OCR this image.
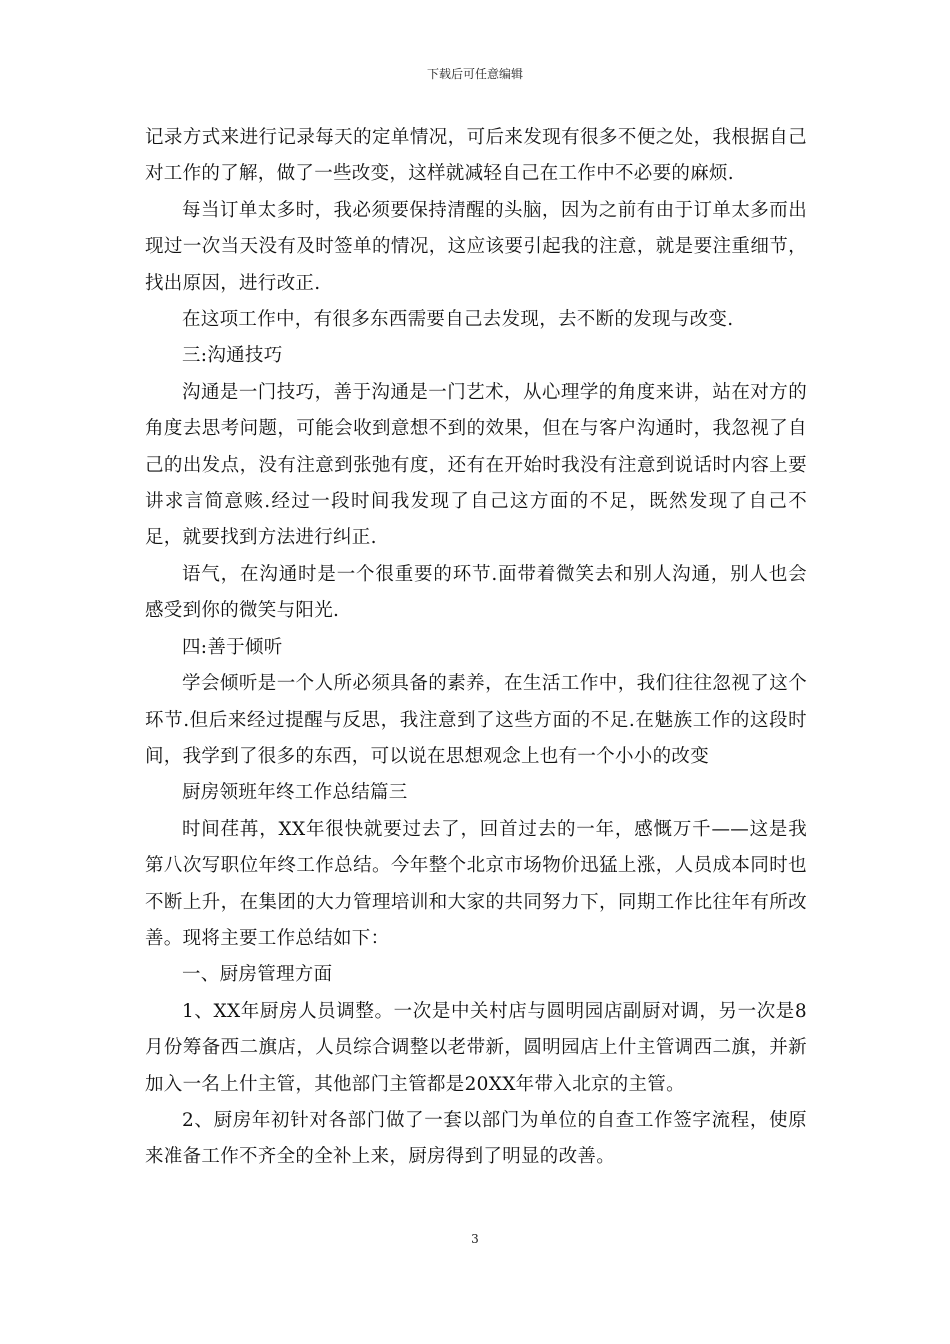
下载后可任意编辑

记录方式来进行记录每天的定单情况，可后来发现有很多不便之处，我根据自己对工作的了解，做了一些改变，这样就减轻自己在工作中不必要的麻烦.

每当订单太多时，我必须要保持清醒的头脑，因为之前有由于订单太多而出现过一次当天没有及时签单的情况，这应该要引起我的注意，就是要注重细节，找出原因，进行改正.

在这项工作中，有很多东西需要自己去发现，去不断的发现与改变.

三:沟通技巧

沟通是一门技巧，善于沟通是一门艺术，从心理学的角度来讲，站在对方的角度去思考问题，可能会收到意想不到的效果，但在与客户沟通时，我忽视了自己的出发点，没有注意到张弛有度，还有在开始时我没有注意到说话时内容上要讲求言简意赅.经过一段时间我发现了自己这方面的不足，既然发现了自己不足，就要找到方法进行纠正.

语气，在沟通时是一个很重要的环节.面带着微笑去和别人沟通，别人也会感受到你的微笑与阳光.

四:善于倾听

学会倾听是一个人所必须具备的素养，在生活工作中，我们往往忽视了这个环节.但后来经过提醒与反思，我注意到了这些方面的不足.在魅族工作的这段时间，我学到了很多的东西，可以说在思想观念上也有一个小小的改变

厨房领班年终工作总结篇三

时间荏苒，XX年很快就要过去了，回首过去的一年，感慨万千——这是我第八次写职位年终工作总结。今年整个北京市场物价迅猛上涨，人员成本同时也不断上升，在集团的大力管理培训和大家的共同努力下，同期工作比往年有所改善。现将主要工作总结如下：

一、厨房管理方面

1、XX年厨房人员调整。一次是中关村店与圆明园店副厨对调，另一次是8月份筹备西二旗店，人员综合调整以老带新，圆明园店上什主管调西二旗，并新加入一名上什主管，其他部门主管都是20XX年带入北京的主管。

2、厨房年初针对各部门做了一套以部门为单位的自查工作签字流程，使原来准备工作不齐全的全补上来，厨房得到了明显的改善。

3
